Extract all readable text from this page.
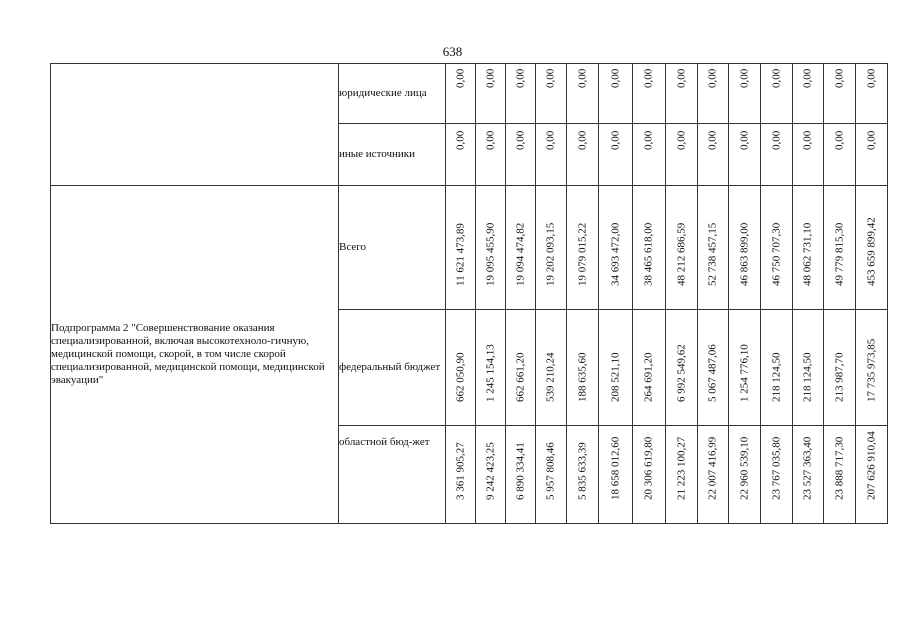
638
	юридические лица	0,00	0,00	0,00	0,00	0,00	0,00	0,00	0,00	0,00	0,00	0,00	0,00	0,00	0,00

	иные источники	0,00	0,00	0,00	0,00	0,00	0,00	0,00	0,00	0,00	0,00	0,00	0,00	0,00	0,00

Подпрограмма 2 "Совершенствование оказания специализированной, включая высокотехноло-гичную, медицинской помощи, скорой, в том числе скорой специализированной, медицинской помощи, медицинской эвакуации"	Всего	11 621 473,89	19 095 455,90	19 094 474,82	19 202 093,15	19 079 015,22	34 693 472,00	38 465 618,00	48 212 686,59	52 738 457,15	46 863 899,00	46 750 707,30	48 062 731,10	49 779 815,30	453 659 899,42

	федеральный бюджет	662 050,90	1 245 154,13	662 661,20	539 210,24	188 635,60	208 521,10	264 691,20	6 992 549,62	5 067 487,06	1 254 776,10	218 124,50	218 124,50	213 987,70	17 735 973,85

	областной бюд-жет	3 361 905,27	9 242 423,25	6 890 334,41	5 957 808,46	5 835 633,39	18 658 012,60	20 306 619,80	21 223 100,27	22 007 416,99	22 960 539,10	23 767 035,80	23 527 363,40	23 888 717,30	207 626 910,04
